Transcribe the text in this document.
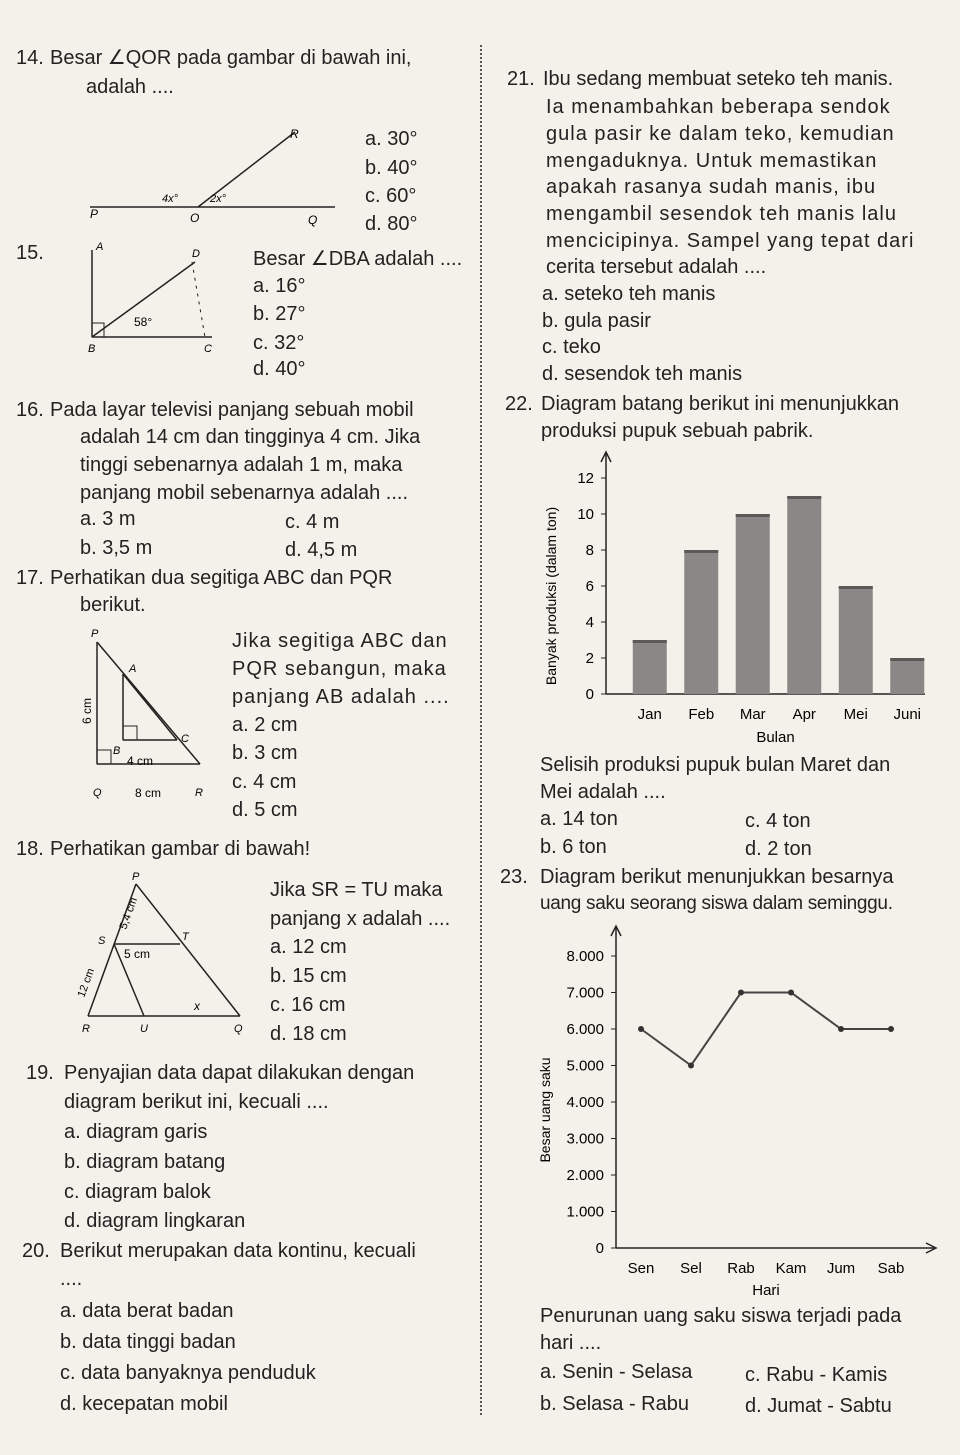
14. Besar ∠QOR pada gambar di bawah ini,
adalah ....
R
P	O	Q
4x°	2x°
a. 30°
b. 40°
c. 60°
d. 80°
15.	A
D
B	C
58°
Besar ∠DBA adalah ....
a. 16°
b. 27°
c. 32°
d. 40°
16. Pada layar televisi panjang sebuah mobil
adalah 14 cm dan tingginya 4 cm. Jika
tinggi sebenarnya adalah 1 m, maka
panjang mobil sebenarnya adalah ....
a. 3 m	c. 4 m
b. 3,5 m	d. 4,5 m
17. Perhatikan dua segitiga ABC dan PQR
berikut.
P
A
C
B
Q	R
4 cm
8 cm
6 cm
Jika segitiga ABC dan
PQR sebangun, maka
panjang AB adalah ....
a. 2 cm
b. 3 cm
c. 4 cm
d. 5 cm
18. Perhatikan gambar di bawah!
P
S	T
R	U	Q
5 cm
x
5,4 cm
12 cm
Jika SR = TU maka
panjang x adalah ....
a. 12 cm
b. 15 cm
c. 16 cm
d. 18 cm
19. Penyajian data dapat dilakukan dengan
diagram berikut ini, kecuali ....
a. diagram garis
b. diagram batang
c. diagram balok
d. diagram lingkaran
20. Berikut merupakan data kontinu, kecuali
....
a. data berat badan
b. data tinggi badan
c. data banyaknya penduduk
d. kecepatan mobil
21. Ibu sedang membuat seteko teh manis.
Ia menambahkan beberapa sendok
gula pasir ke dalam teko, kemudian
mengaduknya. Untuk memastikan
apakah rasanya sudah manis, ibu
mengambil sesendok teh manis lalu
mencicipinya. Sampel yang tepat dari
cerita tersebut adalah ....
a. seteko teh manis
b. gula pasir
c. teko
d. sesendok teh manis
22. Diagram batang berikut ini menunjukkan
produksi pupuk sebuah pabrik.
0
2
4
6
8
10
12
Jan Feb Mar Apr Mei Juni
Bulan
Banyak produksi (dalam ton)
Selisih produksi pupuk bulan Maret dan
Mei adalah ....
a. 14 ton	c. 4 ton
b. 6 ton	d. 2 ton
23. Diagram berikut menunjukkan besarnya
uang saku seorang siswa dalam seminggu.
0
1.000
2.000
3.000
4.000
5.000
6.000
7.000
8.000
Sen Sel Rab Kam Jum Sab
Hari
Besar uang saku
Penurunan uang saku siswa terjadi pada
hari ....
a. Senin - Selasa	c. Rabu - Kamis
b. Selasa - Rabu	d. Jumat - Sabtu
